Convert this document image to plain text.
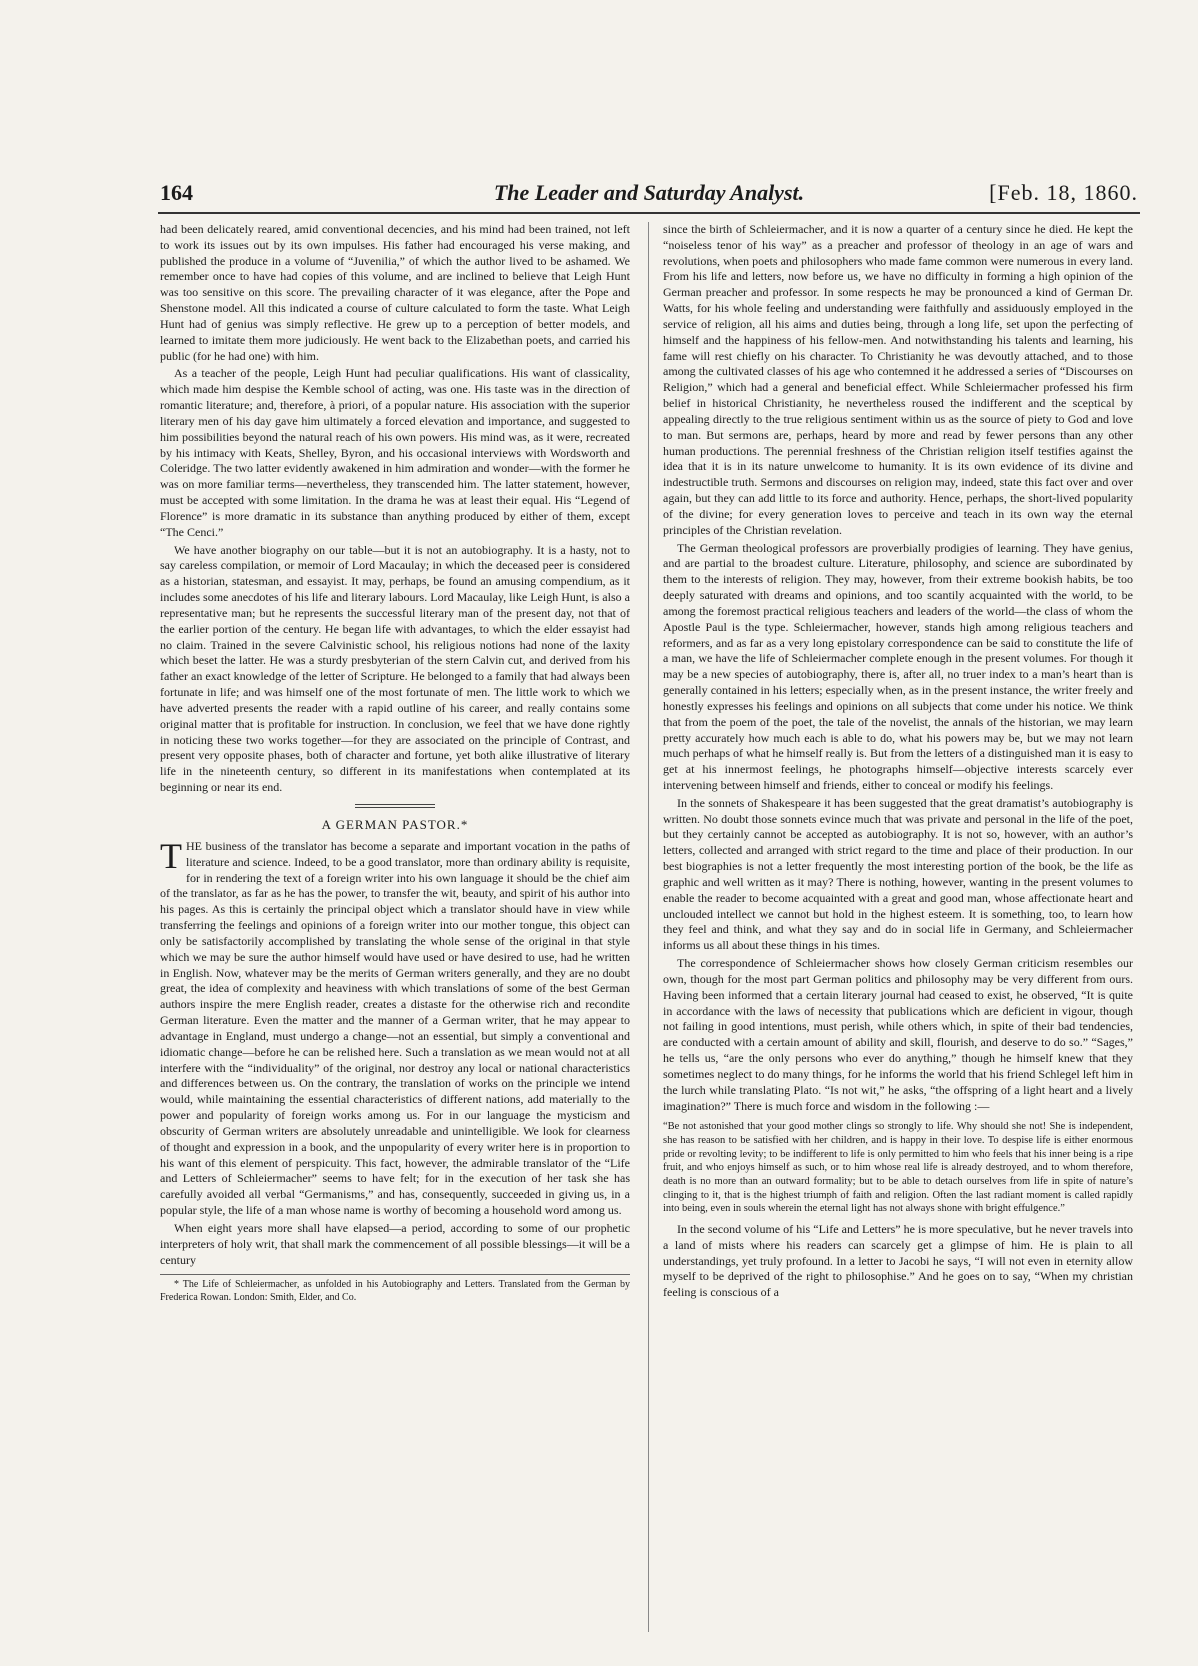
164	The Leader and Saturday Analyst.	[Feb. 18, 1860.

had been delicately reared, amid conventional decencies, and his mind had been trained, not left to work its issues out by its own impulses. His father had encouraged his verse making, and published the produce in a volume of “Juvenilia,” of which the author lived to be ashamed. We remember once to have had copies of this volume, and are inclined to believe that Leigh Hunt was too sensitive on this score. The prevailing character of it was elegance, after the Pope and Shenstone model. All this indicated a course of culture calculated to form the taste. What Leigh Hunt had of genius was simply reflective. He grew up to a perception of better models, and learned to imitate them more judiciously. He went back to the Elizabethan poets, and carried his public (for he had one) with him.

As a teacher of the people, Leigh Hunt had peculiar qualifications. His want of classicality, which made him despise the Kemble school of acting, was one. His taste was in the direction of romantic literature; and, therefore, à priori, of a popular nature. His association with the superior literary men of his day gave him ultimately a forced elevation and importance, and suggested to him possibilities beyond the natural reach of his own powers. His mind was, as it were, recreated by his intimacy with Keats, Shelley, Byron, and his occasional interviews with Wordsworth and Coleridge. The two latter evidently awakened in him admiration and wonder—with the former he was on more familiar terms—nevertheless, they transcended him. The latter statement, however, must be accepted with some limitation. In the drama he was at least their equal. His “Legend of Florence” is more dramatic in its substance than anything produced by either of them, except “The Cenci.”

We have another biography on our table—but it is not an autobiography. It is a hasty, not to say careless compilation, or memoir of Lord Macaulay; in which the deceased peer is considered as a historian, statesman, and essayist. It may, perhaps, be found an amusing compendium, as it includes some anecdotes of his life and literary labours. Lord Macaulay, like Leigh Hunt, is also a representative man; but he represents the successful literary man of the present day, not that of the earlier portion of the century. He began life with advantages, to which the elder essayist had no claim. Trained in the severe Calvinistic school, his religious notions had none of the laxity which beset the latter. He was a sturdy presbyterian of the stern Calvin cut, and derived from his father an exact knowledge of the letter of Scripture. He belonged to a family that had always been fortunate in life; and was himself one of the most fortunate of men. The little work to which we have adverted presents the reader with a rapid outline of his career, and really contains some original matter that is profitable for instruction. In conclusion, we feel that we have done rightly in noticing these two works together—for they are associated on the principle of Contrast, and present very opposite phases, both of character and fortune, yet both alike illustrative of literary life in the nineteenth century, so different in its manifestations when contemplated at its beginning or near its end.

A GERMAN PASTOR.*

THE business of the translator has become a separate and important vocation in the paths of literature and science. Indeed, to be a good translator, more than ordinary ability is requisite, for in rendering the text of a foreign writer into his own language it should be the chief aim of the translator, as far as he has the power, to transfer the wit, beauty, and spirit of his author into his pages. As this is certainly the principal object which a translator should have in view while transferring the feelings and opinions of a foreign writer into our mother tongue, this object can only be satisfactorily accomplished by translating the whole sense of the original in that style which we may be sure the author himself would have used or have desired to use, had he written in English. Now, whatever may be the merits of German writers generally, and they are no doubt great, the idea of complexity and heaviness with which translations of some of the best German authors inspire the mere English reader, creates a distaste for the otherwise rich and recondite German literature. Even the matter and the manner of a German writer, that he may appear to advantage in England, must undergo a change—not an essential, but simply a conventional and idiomatic change—before he can be relished here. Such a translation as we mean would not at all interfere with the “individuality” of the original, nor destroy any local or national characteristics and differences between us. On the contrary, the translation of works on the principle we intend would, while maintaining the essential characteristics of different nations, add materially to the power and popularity of foreign works among us. For in our language the mysticism and obscurity of German writers are absolutely unreadable and unintelligible. We look for clearness of thought and expression in a book, and the unpopularity of every writer here is in proportion to his want of this element of perspicuity. This fact, however, the admirable translator of the “Life and Letters of Schleiermacher” seems to have felt; for in the execution of her task she has carefully avoided all verbal “Germanisms,” and has, consequently, succeeded in giving us, in a popular style, the life of a man whose name is worthy of becoming a household word among us.

When eight years more shall have elapsed—a period, according to some of our prophetic interpreters of holy writ, that shall mark the commencement of all possible blessings—it will be a century

* The Life of Schleiermacher, as unfolded in his Autobiography and Letters. Translated from the German by Frederica Rowan. London: Smith, Elder, and Co.

since the birth of Schleiermacher, and it is now a quarter of a century since he died. He kept the “noiseless tenor of his way” as a preacher and professor of theology in an age of wars and revolutions, when poets and philosophers who made fame common were numerous in every land. From his life and letters, now before us, we have no difficulty in forming a high opinion of the German preacher and professor. In some respects he may be pronounced a kind of German Dr. Watts, for his whole feeling and understanding were faithfully and assiduously employed in the service of religion, all his aims and duties being, through a long life, set upon the perfecting of himself and the happiness of his fellow-men. And notwithstanding his talents and learning, his fame will rest chiefly on his character. To Christianity he was devoutly attached, and to those among the cultivated classes of his age who contemned it he addressed a series of “Discourses on Religion,” which had a general and beneficial effect. While Schleiermacher professed his firm belief in historical Christianity, he nevertheless roused the indifferent and the sceptical by appealing directly to the true religious sentiment within us as the source of piety to God and love to man. But sermons are, perhaps, heard by more and read by fewer persons than any other human productions. The perennial freshness of the Christian religion itself testifies against the idea that it is in its nature unwelcome to humanity. It is its own evidence of its divine and indestructible truth. Sermons and discourses on religion may, indeed, state this fact over and over again, but they can add little to its force and authority. Hence, perhaps, the short-lived popularity of the divine; for every generation loves to perceive and teach in its own way the eternal principles of the Christian revelation.

The German theological professors are proverbially prodigies of learning. They have genius, and are partial to the broadest culture. Literature, philosophy, and science are subordinated by them to the interests of religion. They may, however, from their extreme bookish habits, be too deeply saturated with dreams and opinions, and too scantily acquainted with the world, to be among the foremost practical religious teachers and leaders of the world—the class of whom the Apostle Paul is the type. Schleiermacher, however, stands high among religious teachers and reformers, and as far as a very long epistolary correspondence can be said to constitute the life of a man, we have the life of Schleiermacher complete enough in the present volumes. For though it may be a new species of autobiography, there is, after all, no truer index to a man’s heart than is generally contained in his letters; especially when, as in the present instance, the writer freely and honestly expresses his feelings and opinions on all subjects that come under his notice. We think that from the poem of the poet, the tale of the novelist, the annals of the historian, we may learn pretty accurately how much each is able to do, what his powers may be, but we may not learn much perhaps of what he himself really is. But from the letters of a distinguished man it is easy to get at his innermost feelings, he photographs himself—objective interests scarcely ever intervening between himself and friends, either to conceal or modify his feelings.

In the sonnets of Shakespeare it has been suggested that the great dramatist’s autobiography is written. No doubt those sonnets evince much that was private and personal in the life of the poet, but they certainly cannot be accepted as autobiography. It is not so, however, with an author’s letters, collected and arranged with strict regard to the time and place of their production. In our best biographies is not a letter frequently the most interesting portion of the book, be the life as graphic and well written as it may? There is nothing, however, wanting in the present volumes to enable the reader to become acquainted with a great and good man, whose affectionate heart and unclouded intellect we cannot but hold in the highest esteem. It is something, too, to learn how they feel and think, and what they say and do in social life in Germany, and Schleiermacher informs us all about these things in his times.

The correspondence of Schleiermacher shows how closely German criticism resembles our own, though for the most part German politics and philosophy may be very different from ours. Having been informed that a certain literary journal had ceased to exist, he observed, “It is quite in accordance with the laws of necessity that publications which are deficient in vigour, though not failing in good intentions, must perish, while others which, in spite of their bad tendencies, are conducted with a certain amount of ability and skill, flourish, and deserve to do so.” “Sages,” he tells us, “are the only persons who ever do anything,” though he himself knew that they sometimes neglect to do many things, for he informs the world that his friend Schlegel left him in the lurch while translating Plato. “Is not wit,” he asks, “the offspring of a light heart and a lively imagination?” There is much force and wisdom in the following :—

“Be not astonished that your good mother clings so strongly to life. Why should she not! She is independent, she has reason to be satisfied with her children, and is happy in their love. To despise life is either enormous pride or revolting levity; to be indifferent to life is only permitted to him who feels that his inner being is a ripe fruit, and who enjoys himself as such, or to him whose real life is already destroyed, and to whom therefore, death is no more than an outward formality; but to be able to detach ourselves from life in spite of nature’s clinging to it, that is the highest triumph of faith and religion. Often the last radiant moment is called rapidly into being, even in souls wherein the eternal light has not always shone with bright effulgence.”

In the second volume of his “Life and Letters” he is more speculative, but he never travels into a land of mists where his readers can scarcely get a glimpse of him. He is plain to all understandings, yet truly profound. In a letter to Jacobi he says, “I will not even in eternity allow myself to be deprived of the right to philosophise.” And he goes on to say, “When my christian feeling is conscious of a
